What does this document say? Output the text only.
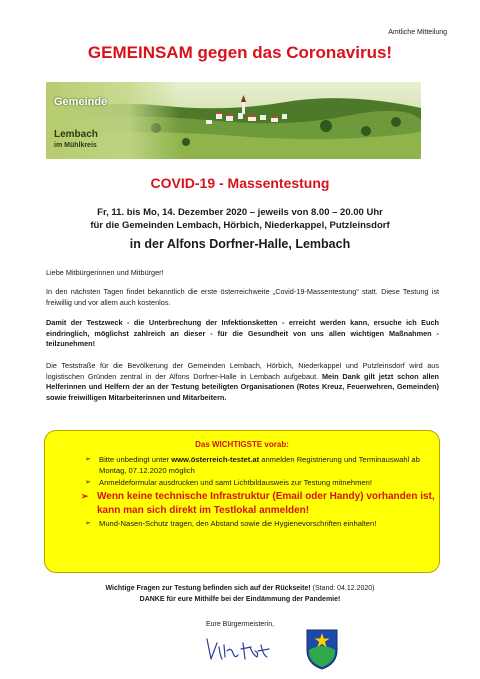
Amtliche Mitteilung
GEMEINSAM gegen das Coronavirus!
Gemeinde
Lembach
im Mühlkreis
COVID-19 - Massentestung
Fr, 11. bis Mo, 14. Dezember 2020 – jeweils von 8.00 – 20.00 Uhr
für die Gemeinden Lembach, Hörbich, Niederkappel, Putzleinsdorf
in der Alfons Dorfner-Halle, Lembach
Liebe Mitbürgerinnen und Mitbürger!
In den nächsten Tagen findet bekanntlich die erste österreichweite „Covid-19-Massentestung“ statt. Diese Testung ist freiwillig und vor allem auch kostenlos.
Damit der Testzweck - die Unterbrechung der Infektionsketten - erreicht werden kann, ersuche ich Euch eindringlich, möglichst zahlreich an dieser - für die Gesundheit von uns allen wichtigen Maßnahmen - teilzunehmen!
Die Teststraße für die Bevölkerung der Gemeinden Lembach, Hörbich, Niederkappel und Putzleinsdorf wird aus logistischen Gründen zentral in der Alfons Dorfner-Halle in Lembach aufgebaut. Mein Dank gilt jetzt schon allen Helferinnen und Helfern der an der Testung beteiligten Organisationen (Rotes Kreuz, Feuerwehren, Gemeinden) sowie freiwilligen Mitarbeiterinnen und Mitarbeitern.
Das WICHTIGSTE vorab:
➢ Bitte unbedingt unter www.österreich-testet.at anmelden Registrierung und Terminauswahl ab Montag, 07.12.2020 möglich
➢ Anmeldeformular ausdrucken und samt Lichtbildausweis zur Testung mitnehmen!
➢ Wenn keine technische Infrastruktur (Email oder Handy) vorhanden ist, kann man sich direkt im Testlokal anmelden!
➢ Mund-Nasen-Schutz tragen, den Abstand sowie die Hygienevorschriften einhalten!
Wichtige Fragen zur Testung befinden sich auf der Rückseite! (Stand: 04.12.2020)
DANKE für eure Mithilfe bei der Eindämmung der Pandemie!
Eure Bürgermeisterin,
